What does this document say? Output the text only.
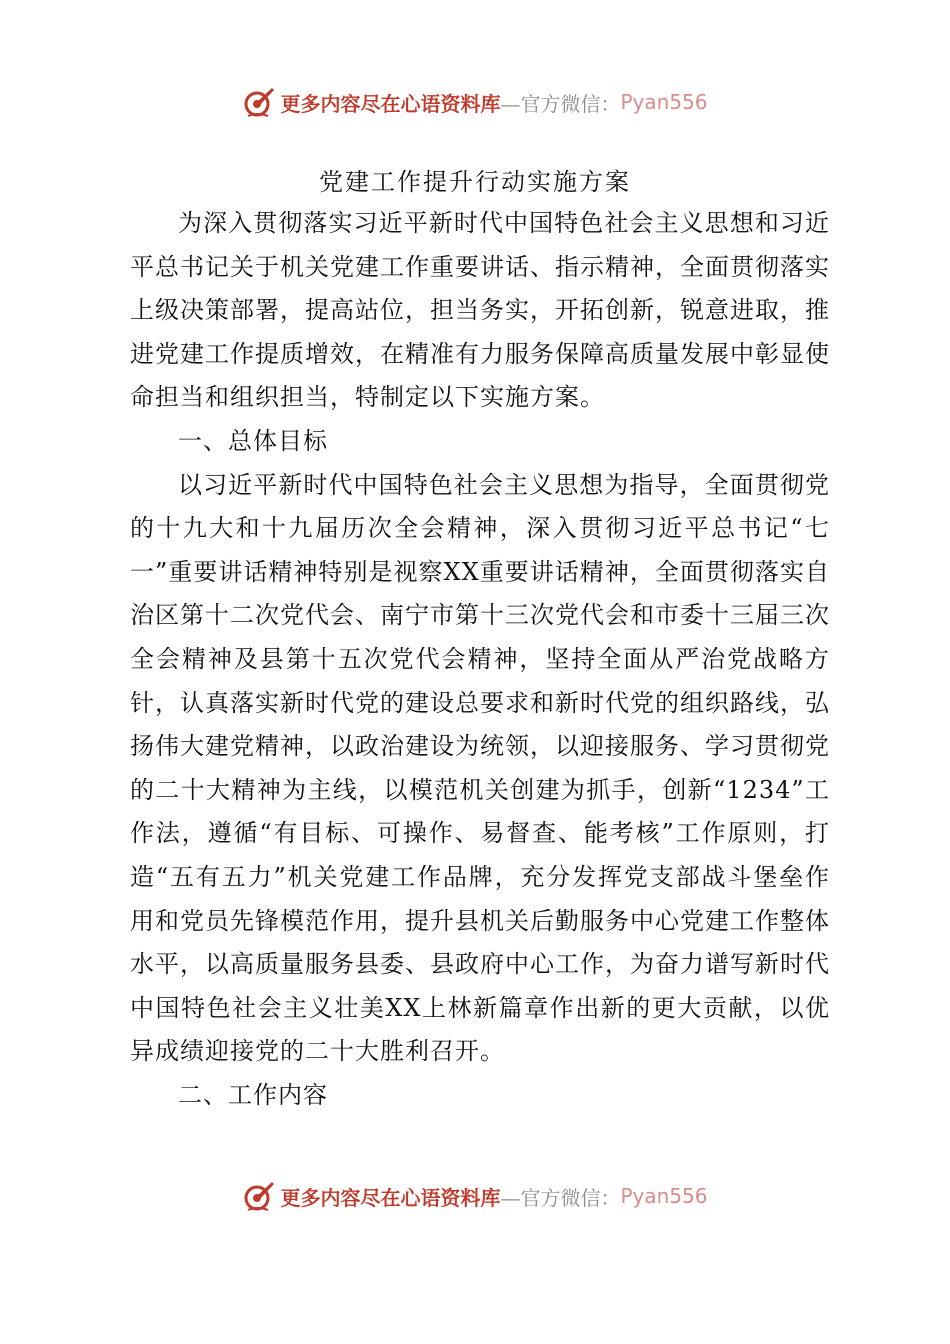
更多内容尽在心语资料库 —官方微信： Pyan556
党建工作提升行动实施方案

为深入贯彻落实习近平新时代中国特色社会主义思想和习近平总书记关于机关党建工作重要讲话、指示精神，全面贯彻落实上级决策部署，提高站位，担当务实，开拓创新，锐意进取，推进党建工作提质增效，在精准有力服务保障高质量发展中彰显使命担当和组织担当，特制定以下实施方案。

一、总体目标

以习近平新时代中国特色社会主义思想为指导，全面贯彻党的十九大和十九届历次全会精神，深入贯彻习近平总书记“七一”重要讲话精神特别是视察XX重要讲话精神，全面贯彻落实自治区第十二次党代会、南宁市第十三次党代会和市委十三届三次全会精神及县第十五次党代会精神，坚持全面从严治党战略方针，认真落实新时代党的建设总要求和新时代党的组织路线，弘扬伟大建党精神，以政治建设为统领，以迎接服务、学习贯彻党的二十大精神为主线，以模范机关创建为抓手，创新“1234”工作法，遵循“有目标、可操作、易督查、能考核”工作原则，打造“五有五力”机关党建工作品牌，充分发挥党支部战斗堡垒作用和党员先锋模范作用，提升县机关后勤服务中心党建工作整体水平，以高质量服务县委、县政府中心工作，为奋力谱写新时代中国特色社会主义壮美XX上林新篇章作出新的更大贡献，以优异成绩迎接党的二十大胜利召开。

二、工作内容

更多内容尽在心语资料库 —官方微信： Pyan556
